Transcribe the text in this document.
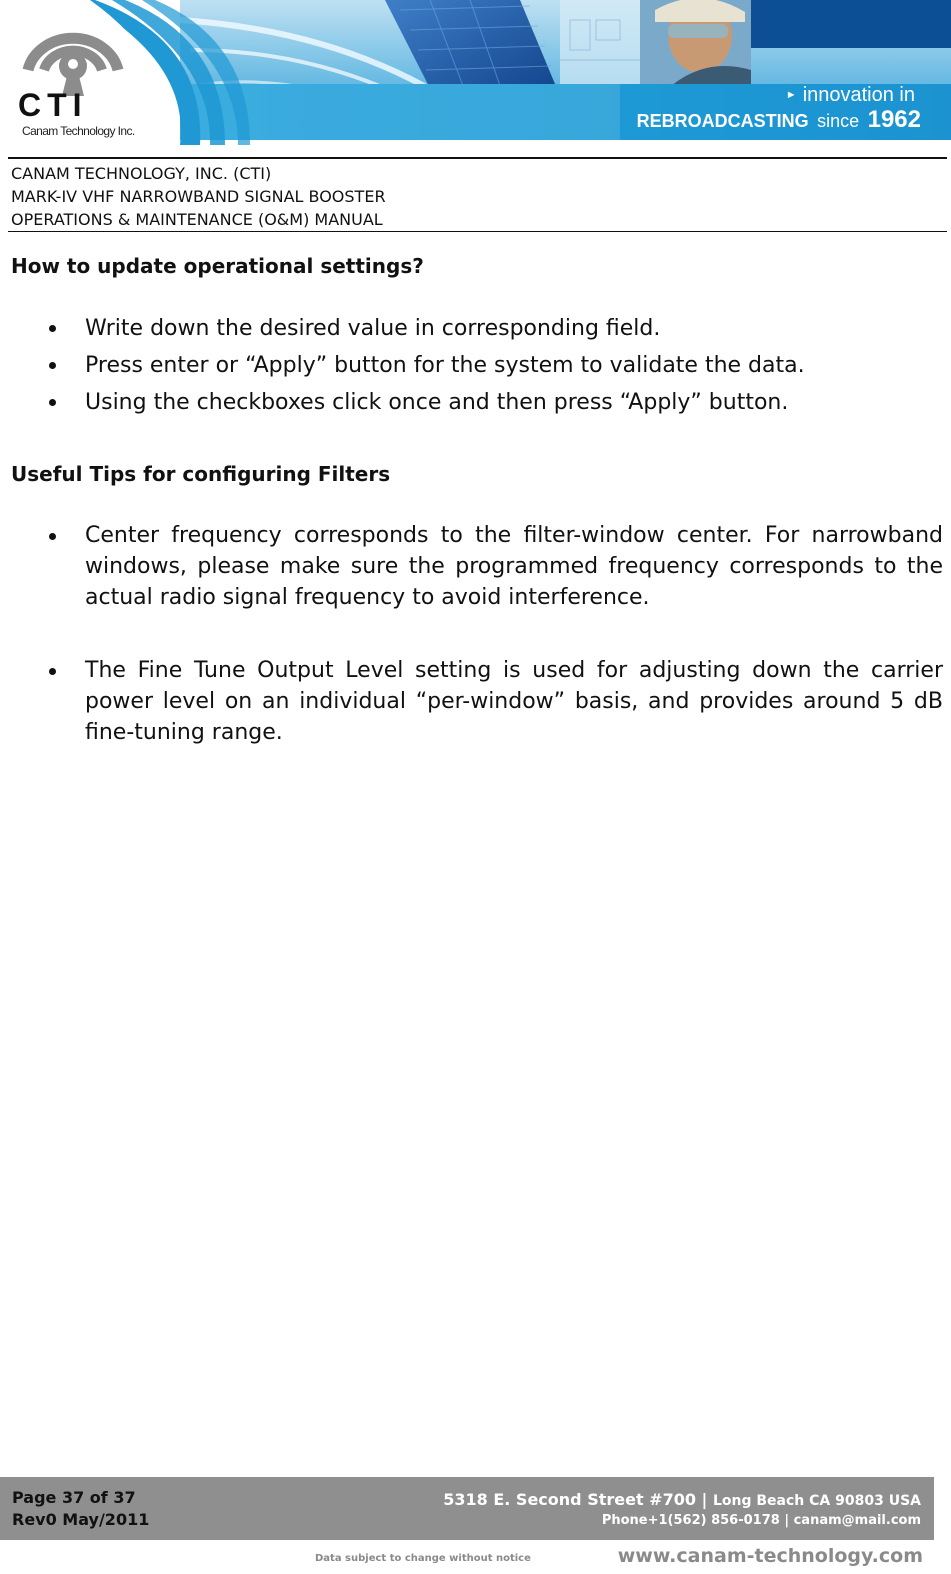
CTI
Canam Technology Inc.
► innovation in
REBROADCASTING since 1962
CANAM TECHNOLOGY, INC. (CTI)
MARK-IV VHF NARROWBAND SIGNAL BOOSTER
OPERATIONS & MAINTENANCE (O&M) MANUAL
How to update operational settings?
Write down the desired value in corresponding field.
Press enter or “Apply” button for the system to validate the data.
Using the checkboxes click once and then press “Apply” button.
Useful Tips for configuring Filters
Center frequency corresponds to the filter-window center. For narrowband windows, please make sure the programmed frequency corresponds to the actual radio signal frequency to avoid interference.
The Fine Tune Output Level setting is used for adjusting down the carrier power level on an individual “per-window” basis, and provides around 5 dB fine-tuning range.
Page 37 of 37
Rev0 May/2011
5318 E. Second Street #700 | Long Beach CA 90803 USA
Phone+1(562) 856-0178 | canam@mail.com
Data subject to change without notice	www.canam-technology.com
